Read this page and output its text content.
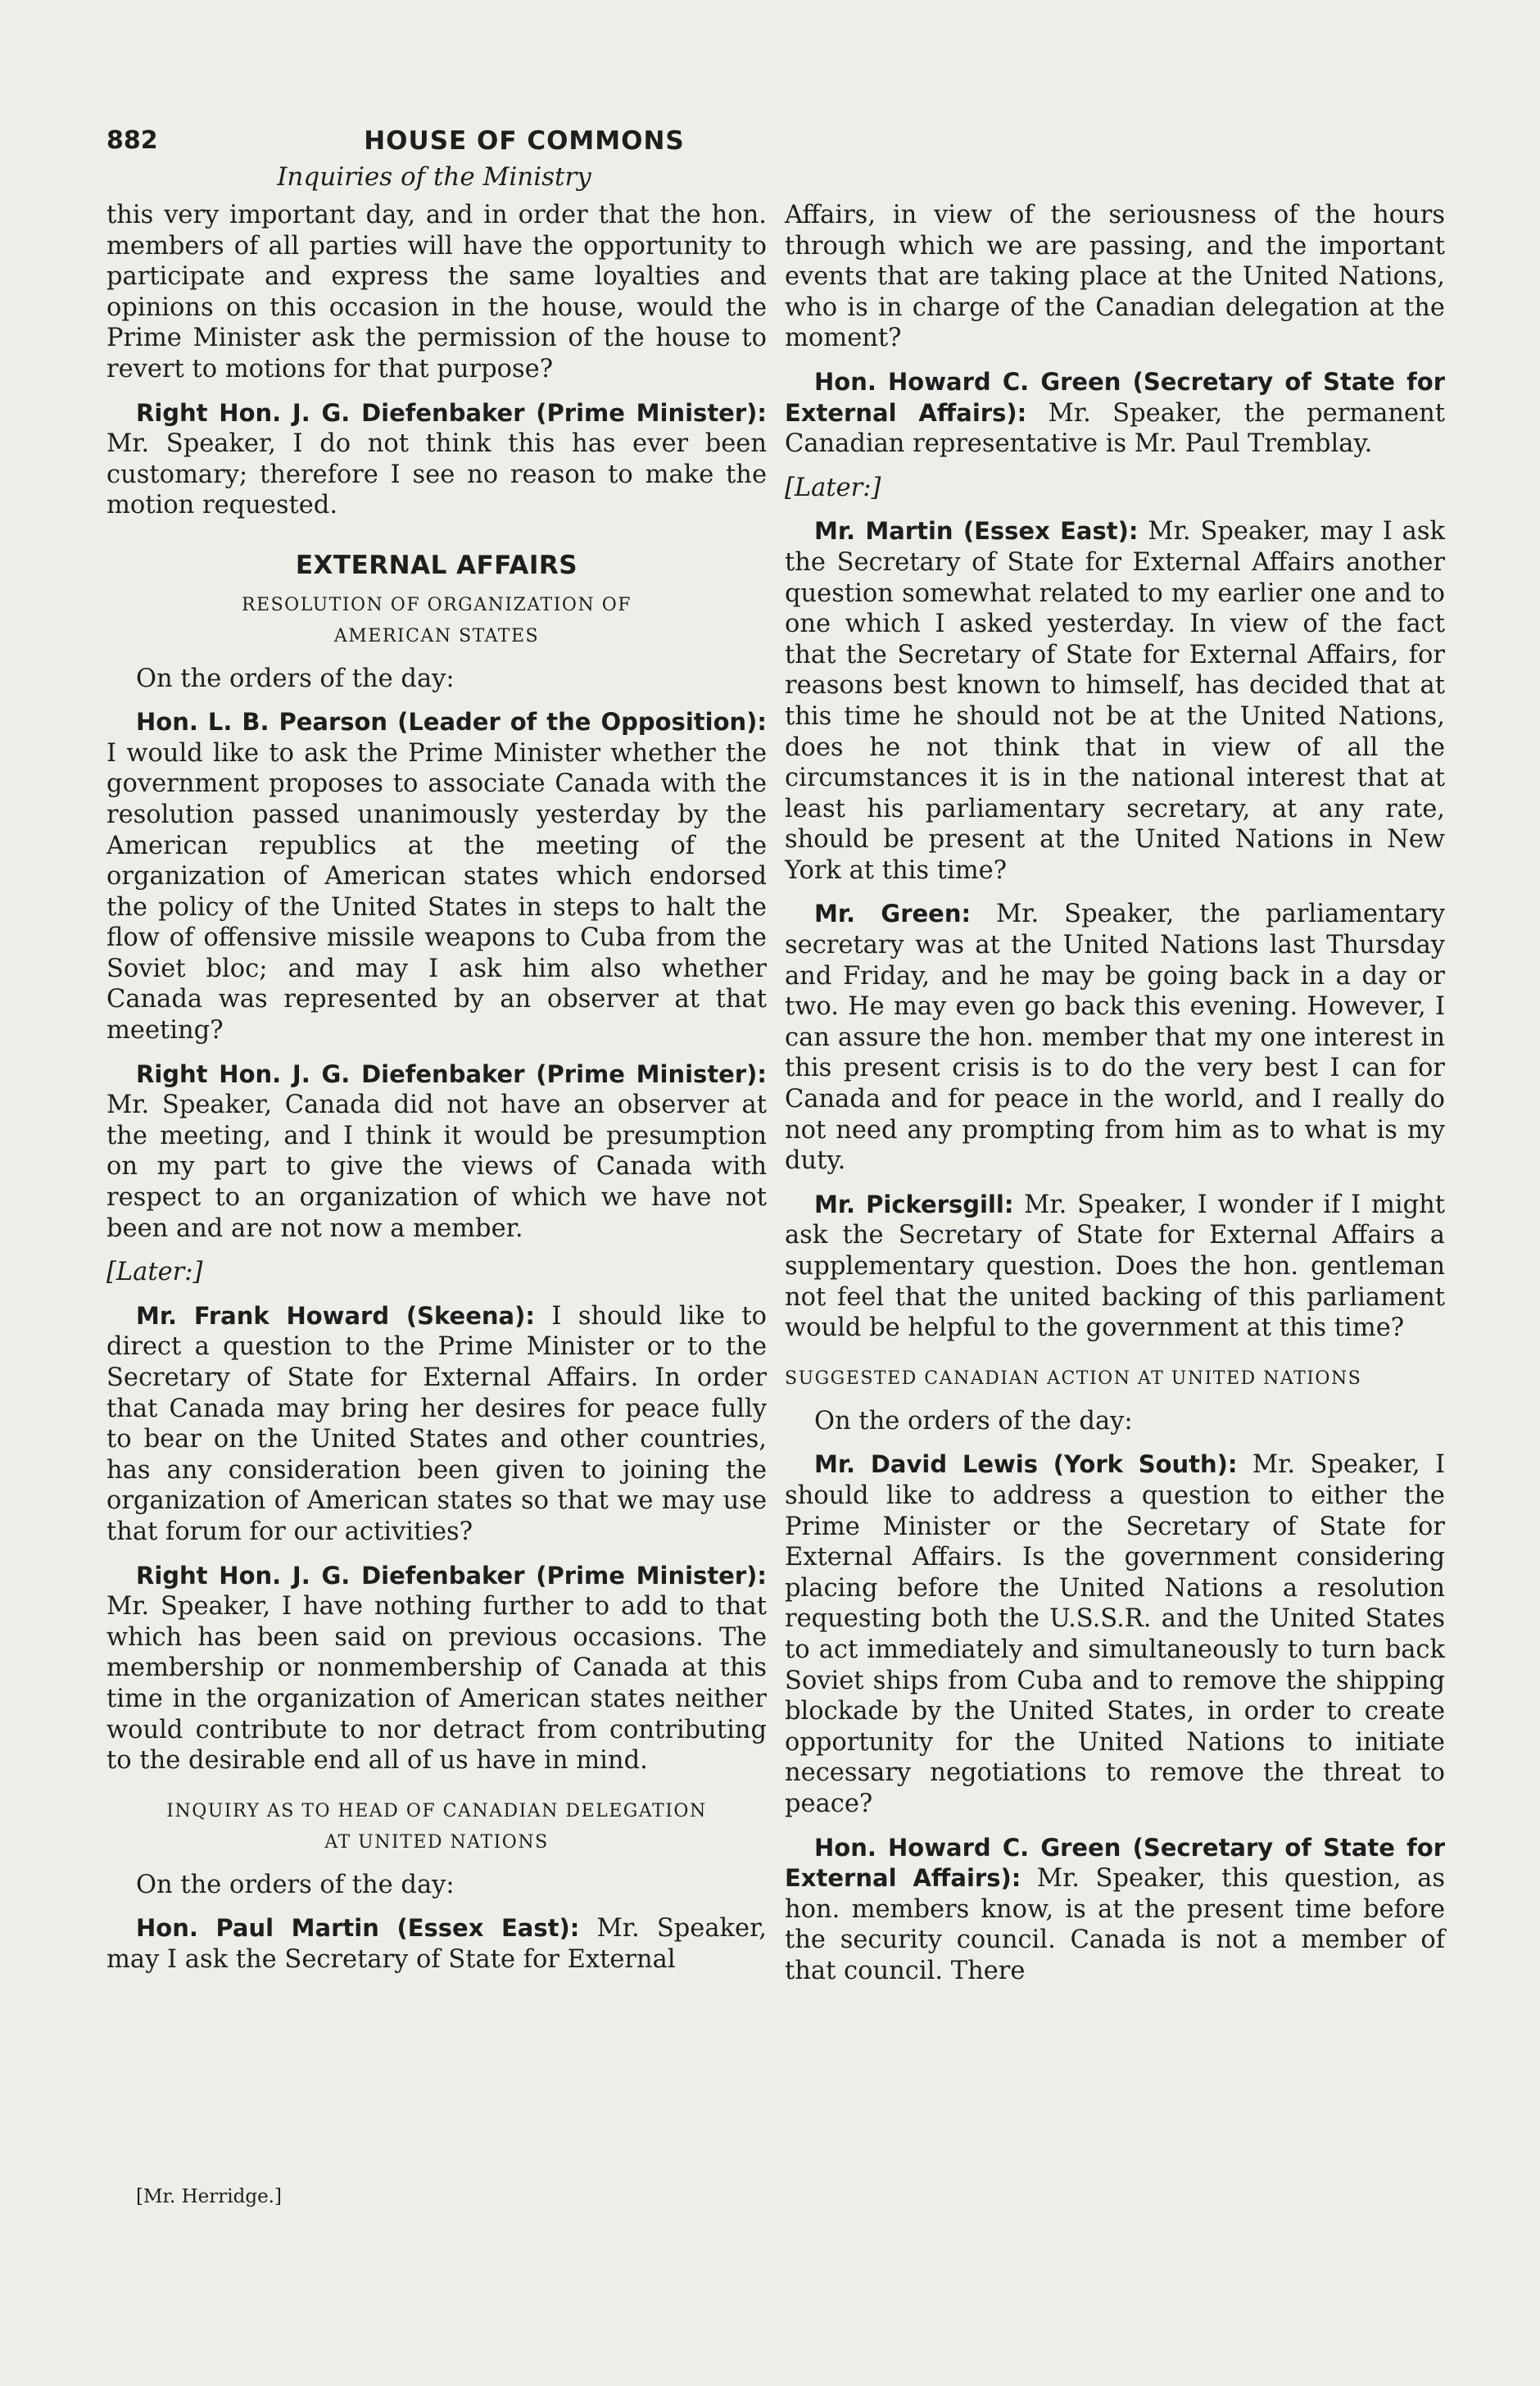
882	HOUSE OF COMMONS
Inquiries of the Ministry

this very important day, and in order that the hon. members of all parties will have the opportunity to participate and express the same loyalties and opinions on this occasion in the house, would the Prime Minister ask the permission of the house to revert to motions for that purpose?

Right Hon. J. G. Diefenbaker (Prime Minister): Mr. Speaker, I do not think this has ever been customary; therefore I see no reason to make the motion requested.

EXTERNAL AFFAIRS
RESOLUTION OF ORGANIZATION OF
AMERICAN STATES

On the orders of the day:

Hon. L. B. Pearson (Leader of the Opposition): I would like to ask the Prime Minister whether the government proposes to associate Canada with the resolution passed unanimously yesterday by the American republics at the meeting of the organization of American states which endorsed the policy of the United States in steps to halt the flow of offensive missile weapons to Cuba from the Soviet bloc; and may I ask him also whether Canada was represented by an observer at that meeting?

Right Hon. J. G. Diefenbaker (Prime Minister): Mr. Speaker, Canada did not have an observer at the meeting, and I think it would be presumption on my part to give the views of Canada with respect to an organization of which we have not been and are not now a member.

[Later:]

Mr. Frank Howard (Skeena): I should like to direct a question to the Prime Minister or to the Secretary of State for External Affairs. In order that Canada may bring her desires for peace fully to bear on the United States and other countries, has any consideration been given to joining the organization of American states so that we may use that forum for our activities?

Right Hon. J. G. Diefenbaker (Prime Minister): Mr. Speaker, I have nothing further to add to that which has been said on previous occasions. The membership or nonmembership of Canada at this time in the organization of American states neither would contribute to nor detract from contributing to the desirable end all of us have in mind.

INQUIRY AS TO HEAD OF CANADIAN DELEGATION
AT UNITED NATIONS

On the orders of the day:

Hon. Paul Martin (Essex East): Mr. Speaker, may I ask the Secretary of State for External

Affairs, in view of the seriousness of the hours through which we are passing, and the important events that are taking place at the United Nations, who is in charge of the Canadian delegation at the moment?

Hon. Howard C. Green (Secretary of State for External Affairs): Mr. Speaker, the permanent Canadian representative is Mr. Paul Tremblay.

[Later:]

Mr. Martin (Essex East): Mr. Speaker, may I ask the Secretary of State for External Affairs another question somewhat related to my earlier one and to one which I asked yesterday. In view of the fact that the Secretary of State for External Affairs, for reasons best known to himself, has decided that at this time he should not be at the United Nations, does he not think that in view of all the circumstances it is in the national interest that at least his parliamentary secretary, at any rate, should be present at the United Nations in New York at this time?

Mr. Green: Mr. Speaker, the parliamentary secretary was at the United Nations last Thursday and Friday, and he may be going back in a day or two. He may even go back this evening. However, I can assure the hon. member that my one interest in this present crisis is to do the very best I can for Canada and for peace in the world, and I really do not need any prompting from him as to what is my duty.

Mr. Pickersgill: Mr. Speaker, I wonder if I might ask the Secretary of State for External Affairs a supplementary question. Does the hon. gentleman not feel that the united backing of this parliament would be helpful to the government at this time?

SUGGESTED CANADIAN ACTION AT UNITED NATIONS

On the orders of the day:

Mr. David Lewis (York South): Mr. Speaker, I should like to address a question to either the Prime Minister or the Secretary of State for External Affairs. Is the government considering placing before the United Nations a resolution requesting both the U.S.S.R. and the United States to act immediately and simultaneously to turn back Soviet ships from Cuba and to remove the shipping blockade by the United States, in order to create opportunity for the United Nations to initiate necessary negotiations to remove the threat to peace?

Hon. Howard C. Green (Secretary of State for External Affairs): Mr. Speaker, this question, as hon. members know, is at the present time before the security council. Canada is not a member of that council. There

[Mr. Herridge.]
